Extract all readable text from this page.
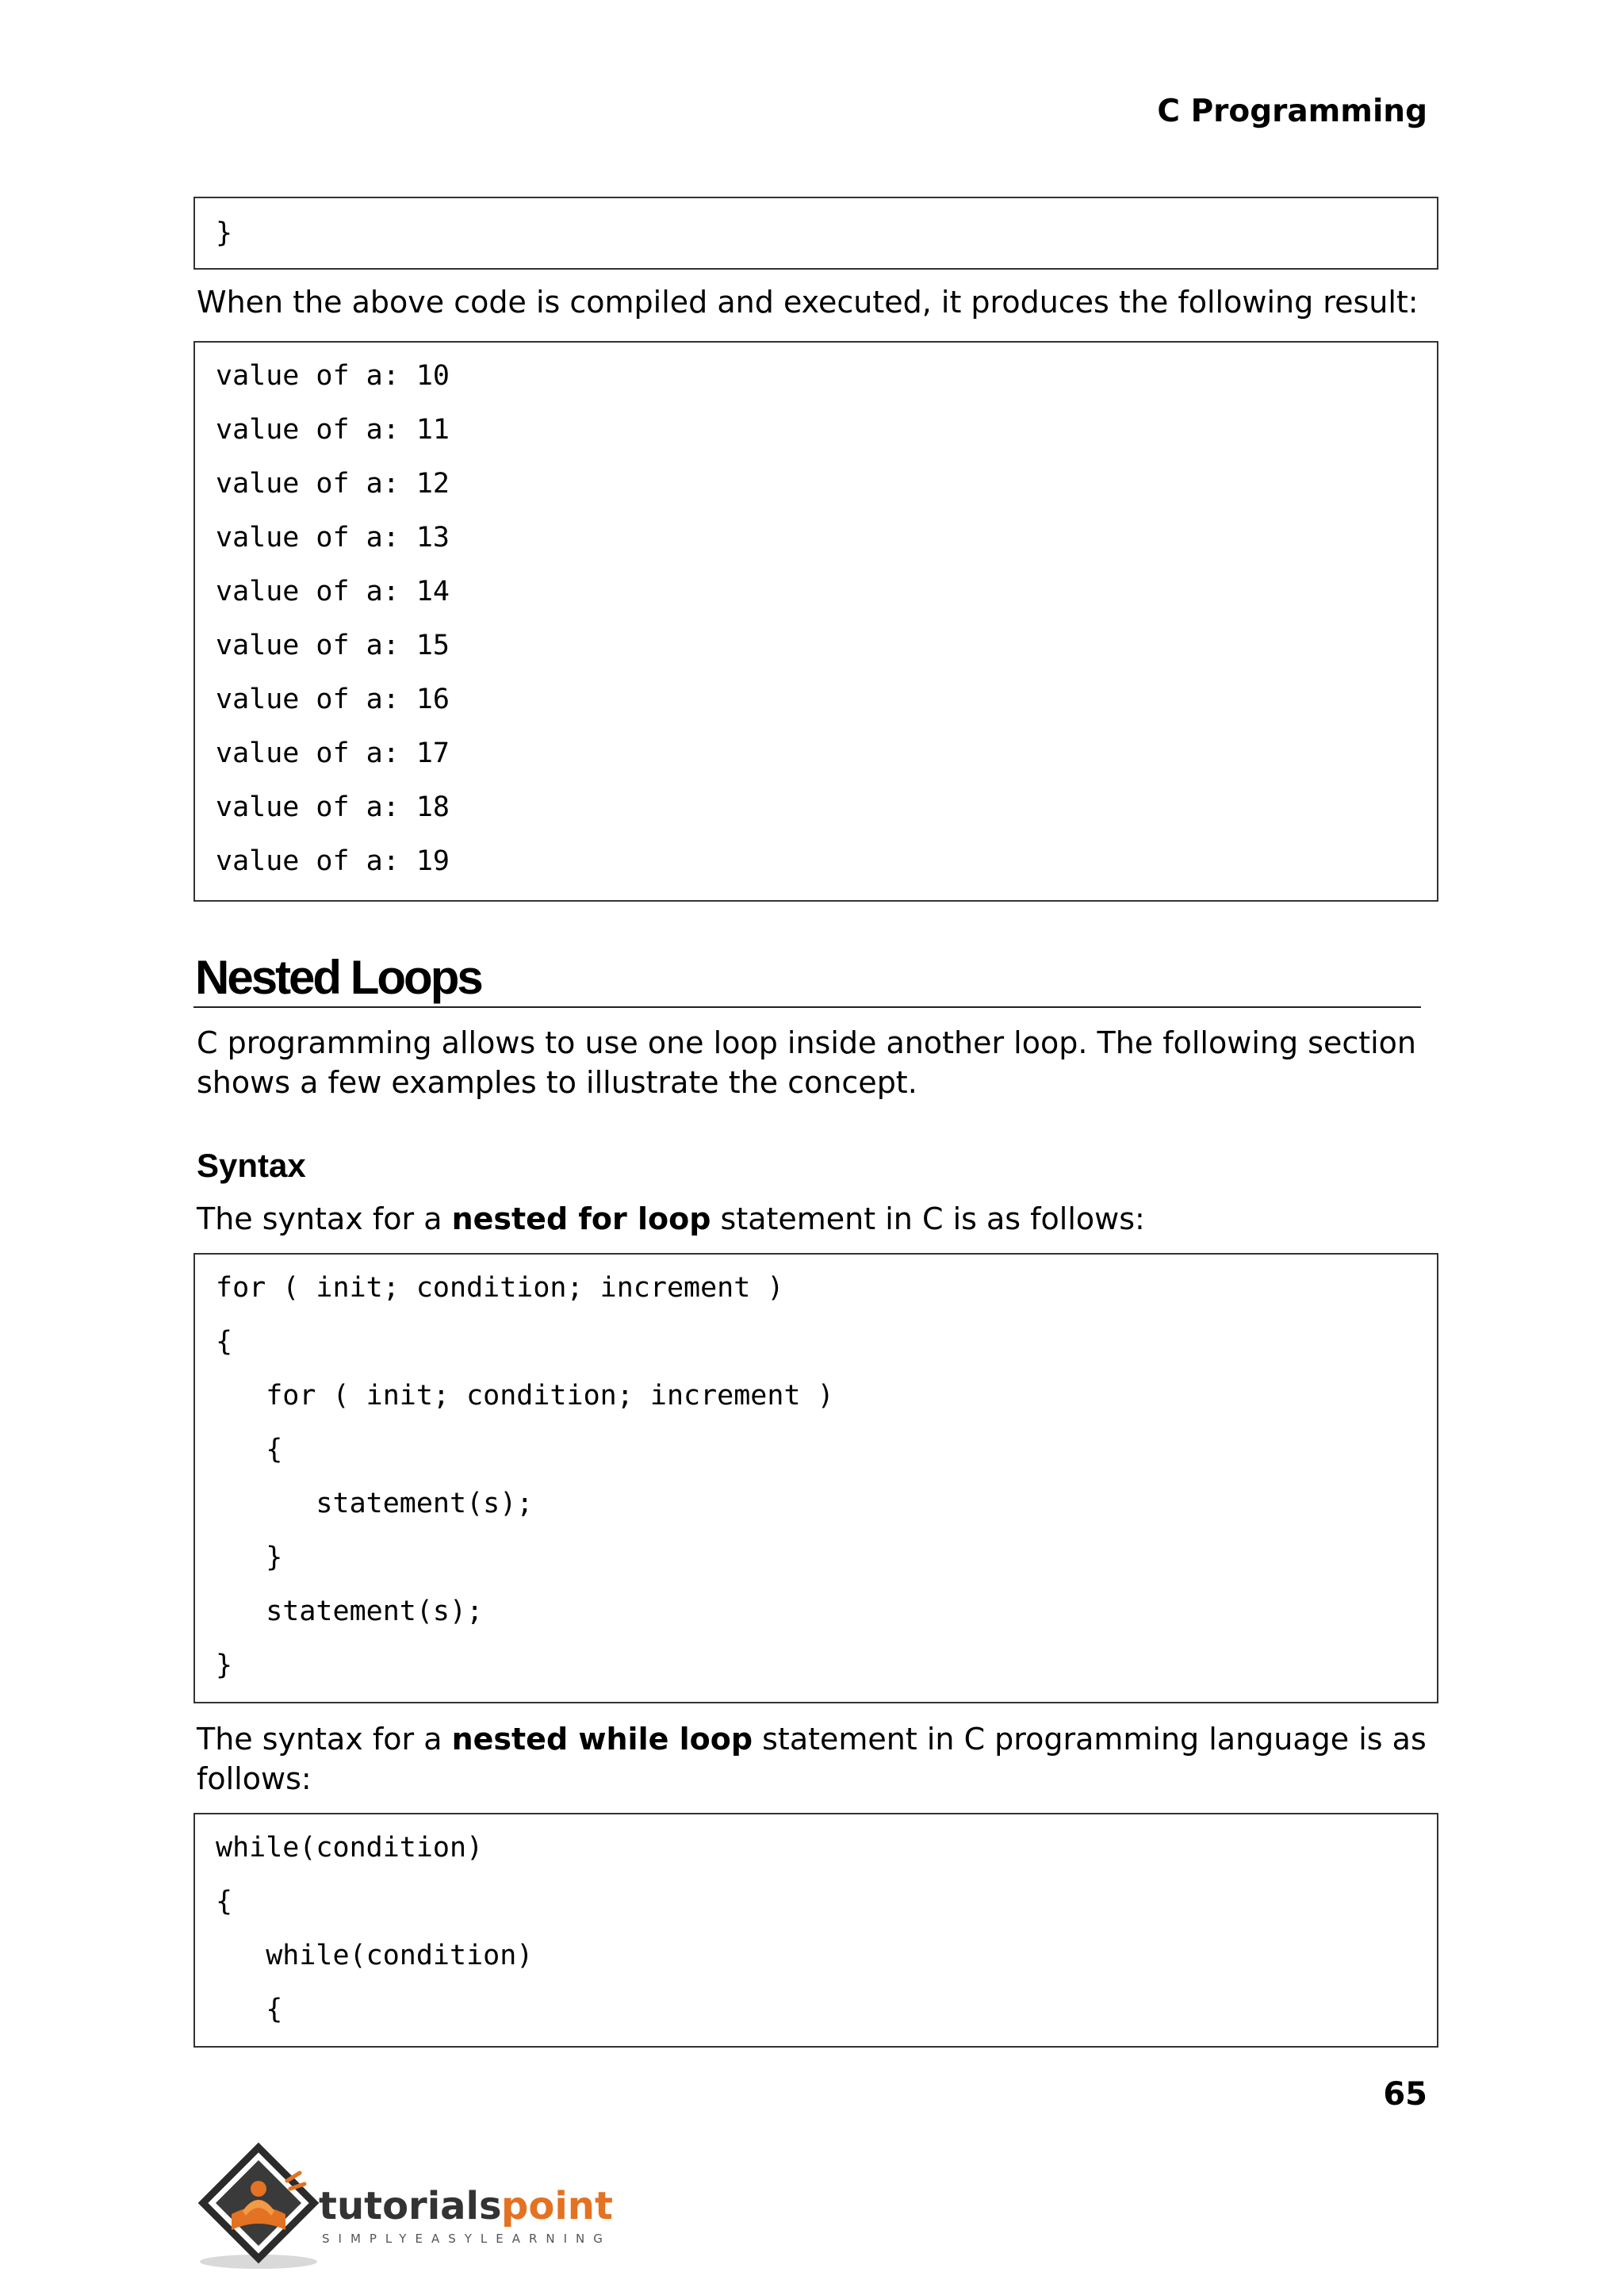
C Programming
}
When the above code is compiled and executed, it produces the following result:
value of a: 10
value of a: 11
value of a: 12
value of a: 13
value of a: 14
value of a: 15
value of a: 16
value of a: 17
value of a: 18
value of a: 19
Nested Loops
C programming allows to use one loop inside another loop. The following section shows a few examples to illustrate the concept.
Syntax
The syntax for a nested for loop statement in C is as follows:
for ( init; condition; increment )
{
for ( init; condition; increment )
{
statement(s);
}
statement(s);
}
The syntax for a nested while loop statement in C programming language is as follows:
while(condition)
{
while(condition)
{
65
tutorials point
SIMPLYEASYLEARNING
